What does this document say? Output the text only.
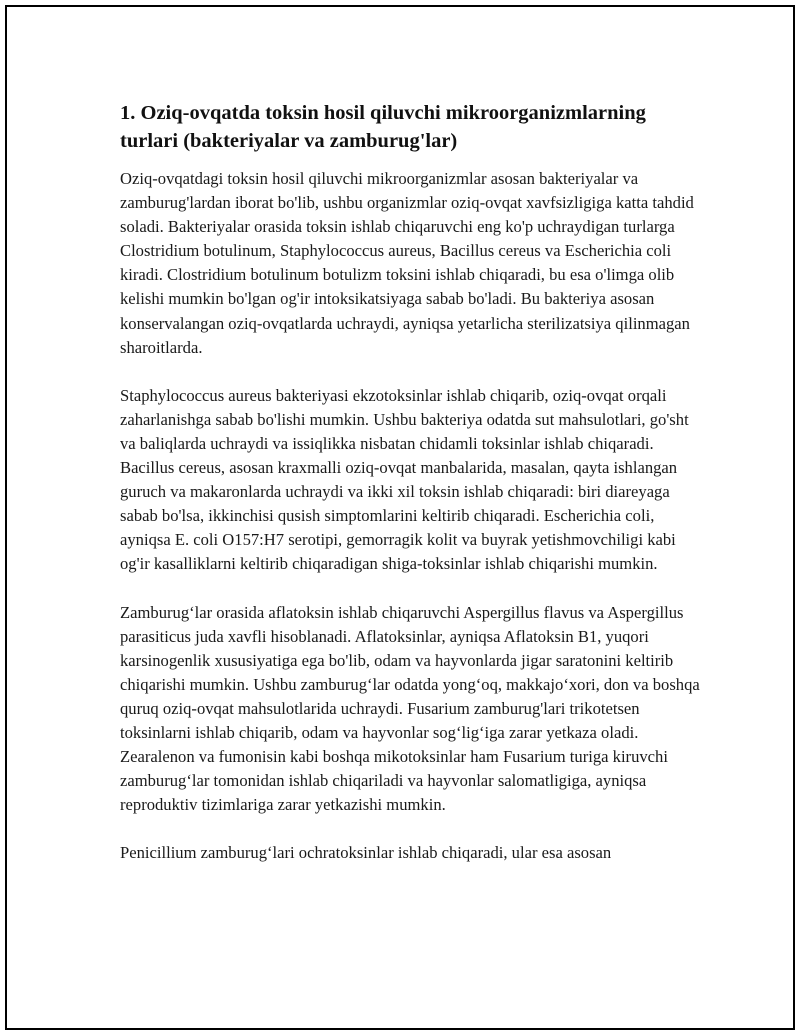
1. Oziq-ovqatda toksin hosil qiluvchi mikroorganizmlarning turlari (bakteriyalar va zamburug'lar)

Oziq-ovqatdagi toksin hosil qiluvchi mikroorganizmlar asosan bakteriyalar va zamburug'lardan iborat bo'lib, ushbu organizmlar oziq-ovqat xavfsizligiga katta tahdid soladi. Bakteriyalar orasida toksin ishlab chiqaruvchi eng ko'p uchraydigan turlarga Clostridium botulinum, Staphylococcus aureus, Bacillus cereus va Escherichia coli kiradi. Clostridium botulinum botulizm toksini ishlab chiqaradi, bu esa o'limga olib kelishi mumkin bo'lgan og'ir intoksikatsiyaga sabab bo'ladi. Bu bakteriya asosan konservalangan oziq-ovqatlarda uchraydi, ayniqsa yetarlicha sterilizatsiya qilinmagan sharoitlarda.

Staphylococcus aureus bakteriyasi ekzotoksinlar ishlab chiqarib, oziq-ovqat orqali zaharlanishga sabab bo'lishi mumkin. Ushbu bakteriya odatda sut mahsulotlari, go'sht va baliqlarda uchraydi va issiqlikka nisbatan chidamli toksinlar ishlab chiqaradi. Bacillus cereus, asosan kraxmalli oziq-ovqat manbalarida, masalan, qayta ishlangan guruch va makaronlarda uchraydi va ikki xil toksin ishlab chiqaradi: biri diareyaga sabab bo'lsa, ikkinchisi qusish simptomlarini keltirib chiqaradi. Escherichia coli, ayniqsa E. coli O157:H7 serotipi, gemorragik kolit va buyrak yetishmovchiligi kabi og'ir kasalliklarni keltirib chiqaradigan shiga-toksinlar ishlab chiqarishi mumkin.

Zamburug‘lar orasida aflatoksin ishlab chiqaruvchi Aspergillus flavus va Aspergillus parasiticus juda xavfli hisoblanadi. Aflatoksinlar, ayniqsa Aflatoksin B1, yuqori karsinogenlik xususiyatiga ega bo'lib, odam va hayvonlarda jigar saratonini keltirib chiqarishi mumkin. Ushbu zamburug‘lar odatda yong‘oq, makkajo‘xori, don va boshqa quruq oziq-ovqat mahsulotlarida uchraydi. Fusarium zamburug'lari trikotetsen toksinlarni ishlab chiqarib, odam va hayvonlar sog‘lig‘iga zarar yetkaza oladi. Zearalenon va fumonisin kabi boshqa mikotoksinlar ham Fusarium turiga kiruvchi zamburug‘lar tomonidan ishlab chiqariladi va hayvonlar salomatligiga, ayniqsa reproduktiv tizimlariga zarar yetkazishi mumkin.

Penicillium zamburug‘lari ochratoksinlar ishlab chiqaradi, ular esa asosan
